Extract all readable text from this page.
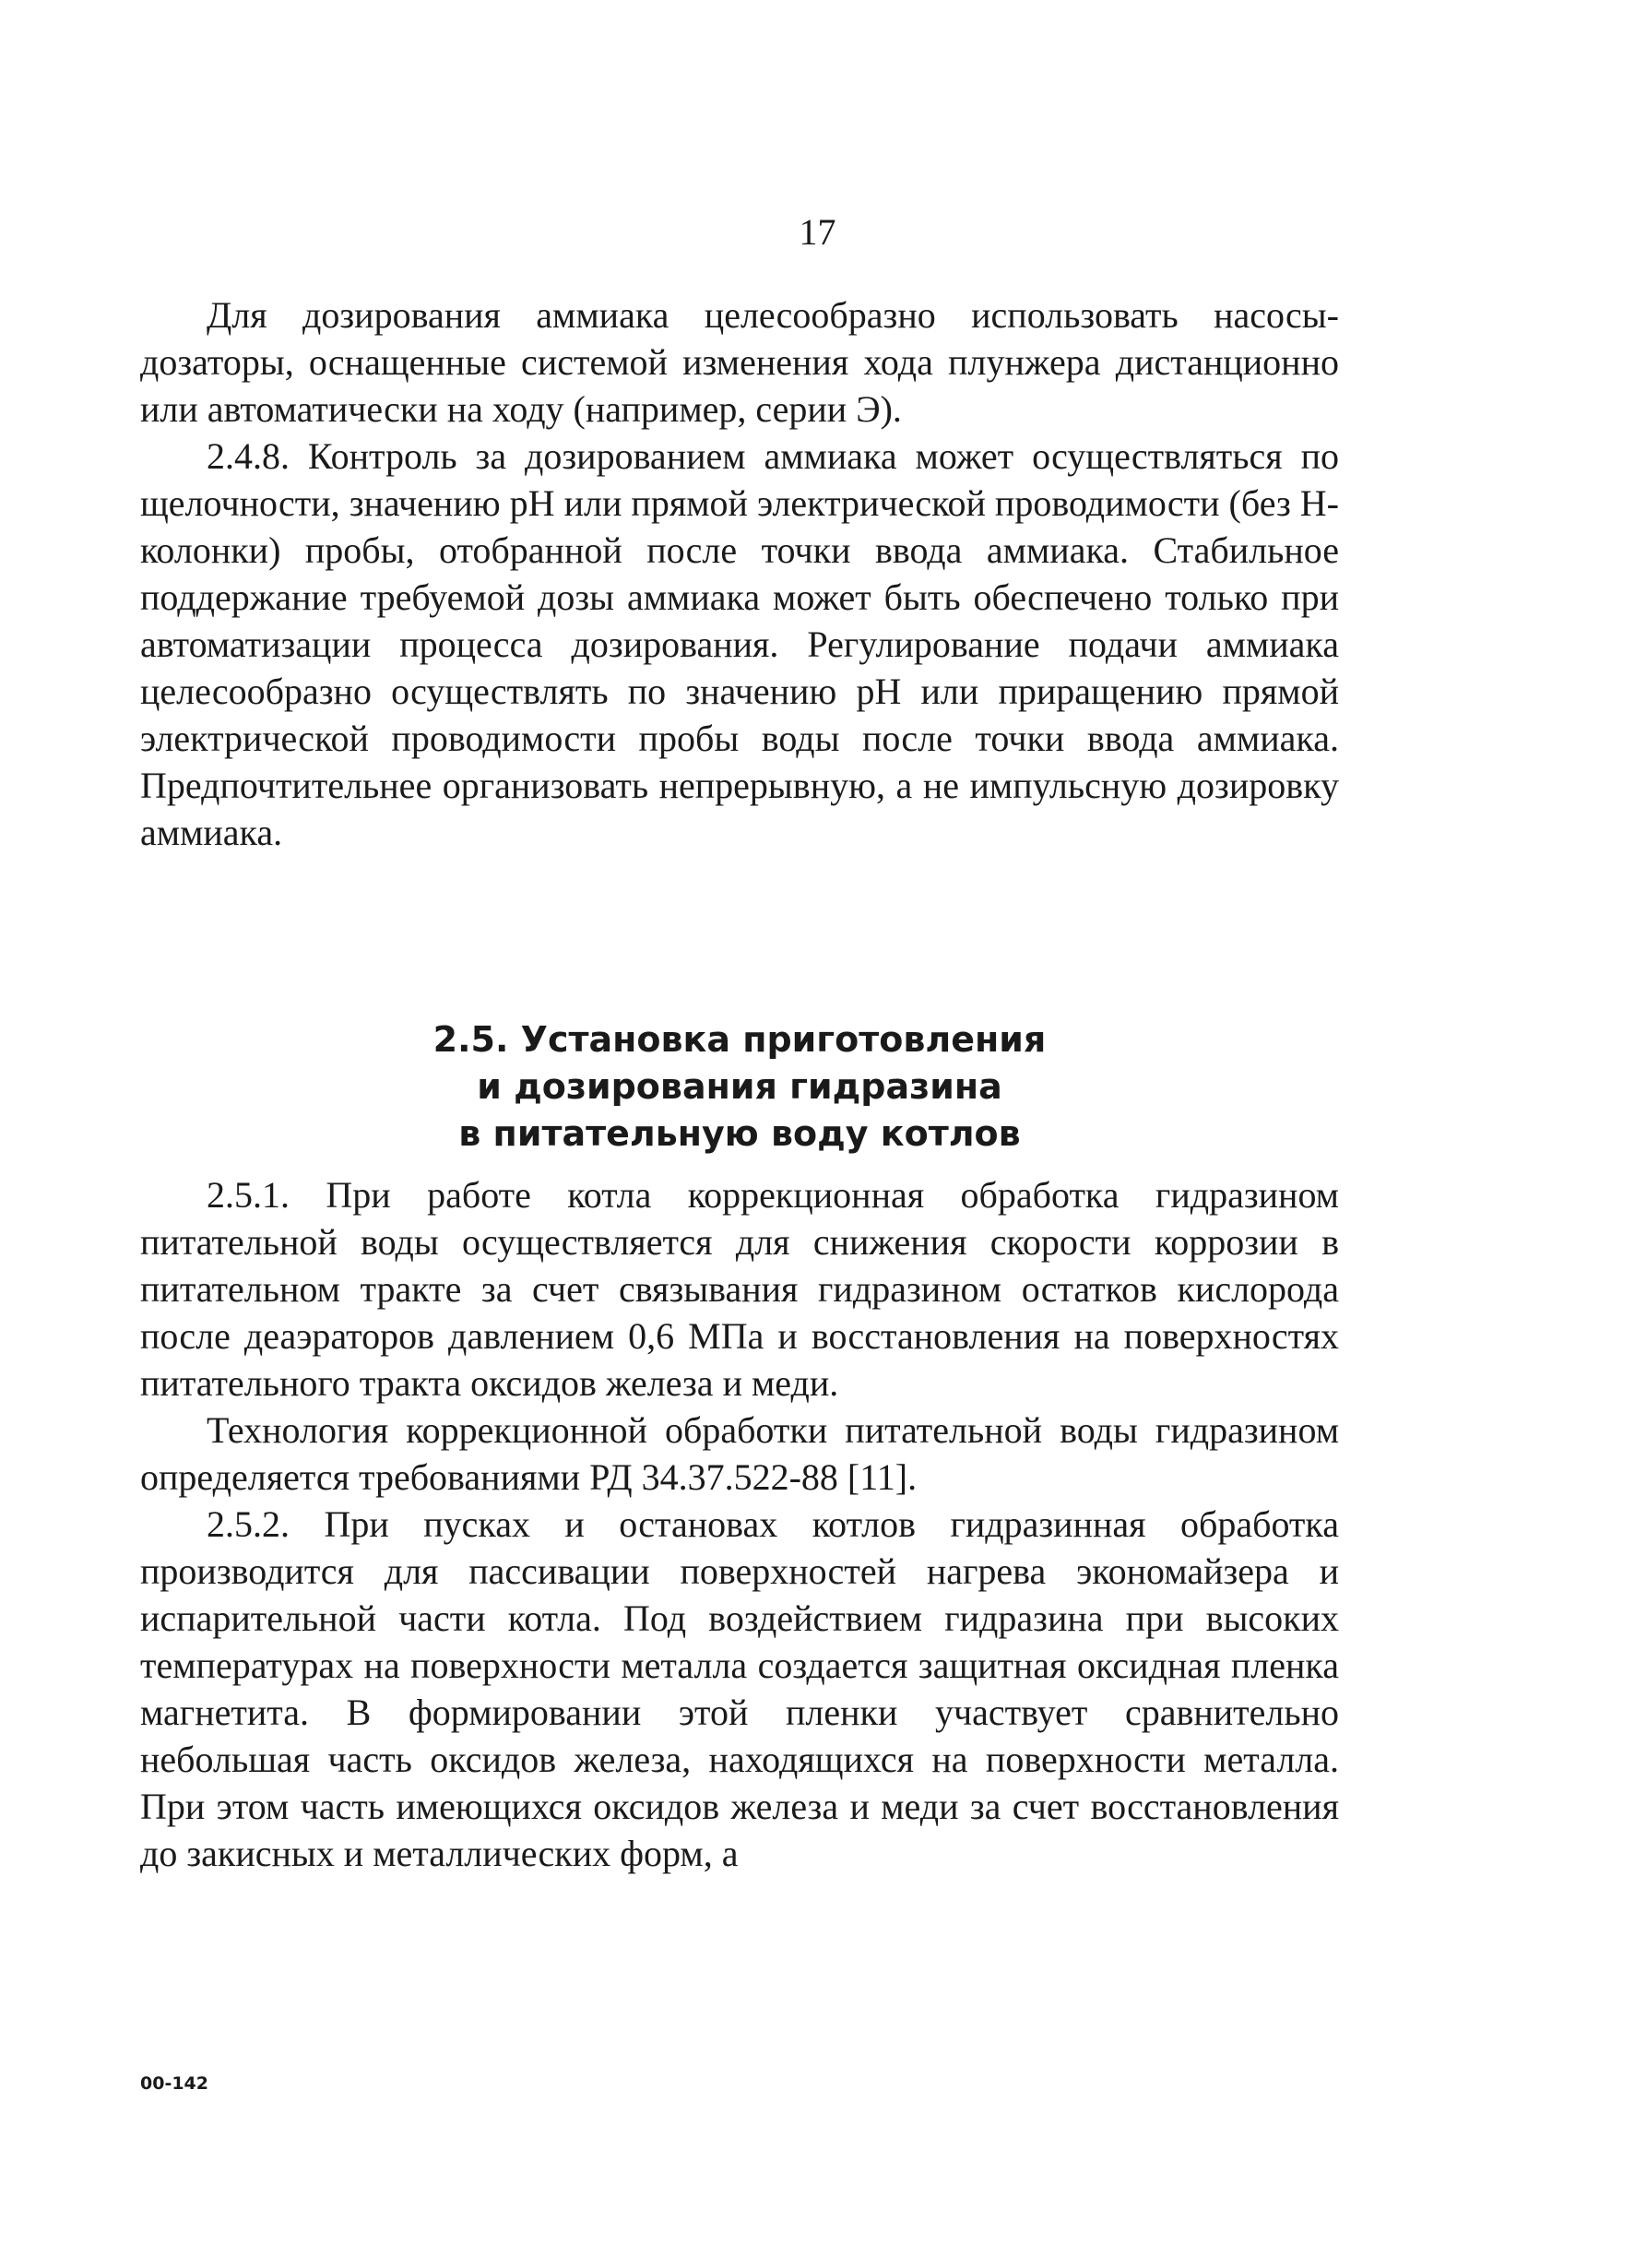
17

Для дозирования аммиака целесообразно использовать насосы-дозаторы, оснащенные системой изменения хода плунжера дистанционно или автоматически на ходу (например, серии Э).

2.4.8. Контроль за дозированием аммиака может осуществляться по щелочности, значению pH или прямой электрической проводимости (без Н-колонки) пробы, отобранной после точки ввода аммиака. Стабильное поддержание требуемой дозы аммиака может быть обеспечено только при автоматизации процесса дозирования. Регулирование подачи аммиака целесообразно осуществлять по значению pH или приращению прямой электрической проводимости пробы воды после точки ввода аммиака. Предпочтительнее организовать непрерывную, а не импульсную дозировку аммиака.

2.5. Установка приготовления
и дозирования гидразина
в питательную воду котлов

2.5.1. При работе котла коррекционная обработка гидразином питательной воды осуществляется для снижения скорости коррозии в питательном тракте за счет связывания гидразином остатков кислорода после деаэраторов давлением 0,6 МПа и восстановления на поверхностях питательного тракта оксидов железа и меди.

Технология коррекционной обработки питательной воды гидразином определяется требованиями РД 34.37.522-88 [11].

2.5.2. При пусках и остановах котлов гидразинная обработка производится для пассивации поверхностей нагрева экономайзера и испарительной части котла. Под воздействием гидразина при высоких температурах на поверхности металла создается защитная оксидная пленка магнетита. В формировании этой пленки участвует сравнительно небольшая часть оксидов железа, находящихся на поверхности металла. При этом часть имеющихся оксидов железа и меди за счет восстановления до закисных и металлических форм, а

00-142
